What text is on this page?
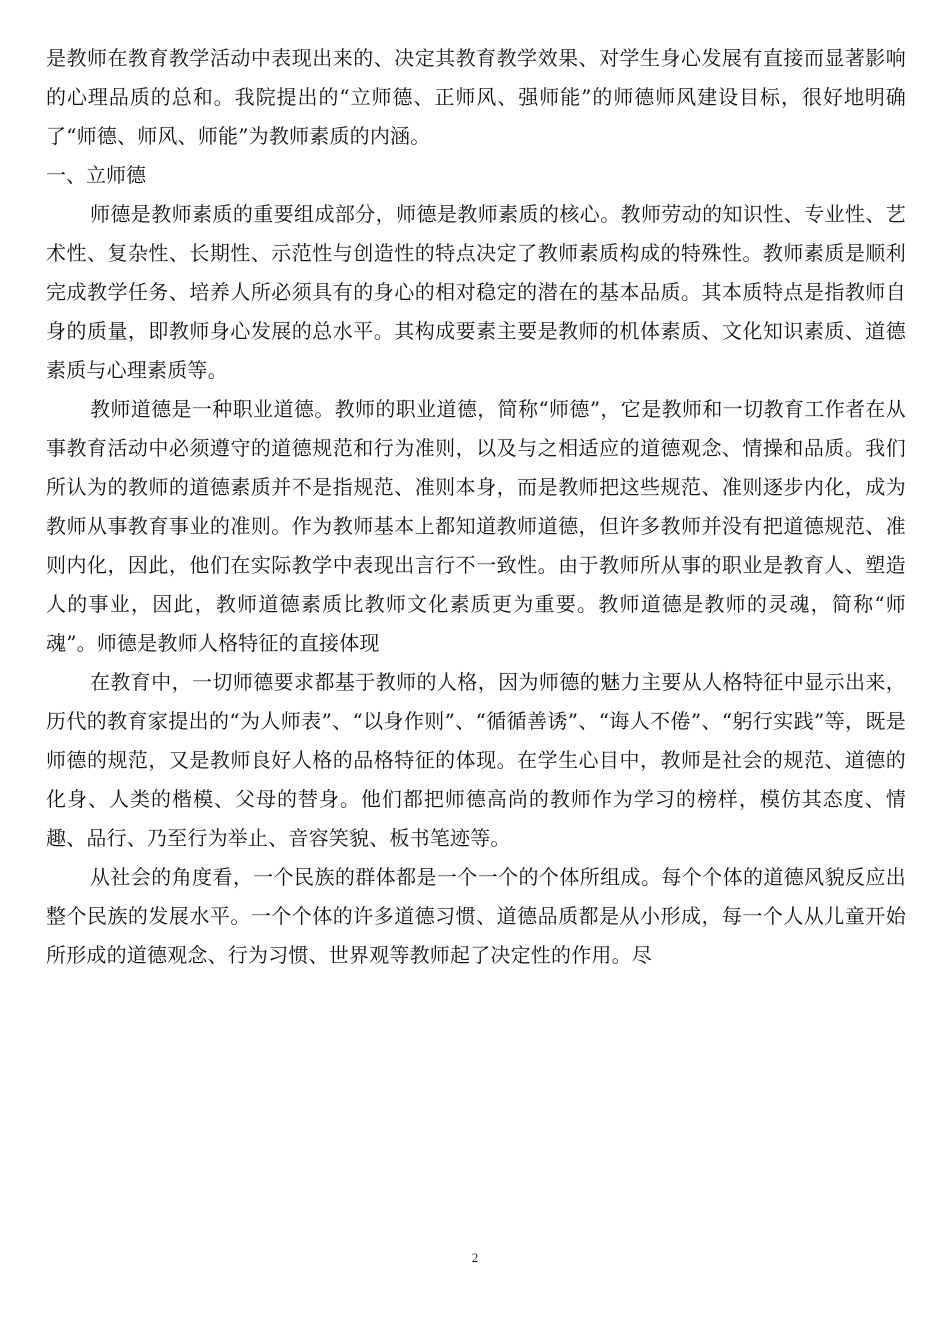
是教师在教育教学活动中表现出来的、决定其教育教学效果、对学生身心发展有直接而显著影响的心理品质的总和。我院提出的“立师德、正师风、强师能”的师德师风建设目标，很好地明确了“师德、师风、师能”为教师素质的内涵。

一、立师德

师德是教师素质的重要组成部分，师德是教师素质的核心。教师劳动的知识性、专业性、艺术性、复杂性、长期性、示范性与创造性的特点决定了教师素质构成的特殊性。教师素质是顺利完成教学任务、培养人所必须具有的身心的相对稳定的潜在的基本品质。其本质特点是指教师自身的质量，即教师身心发展的总水平。其构成要素主要是教师的机体素质、文化知识素质、道德素质与心理素质等。

教师道德是一种职业道德。教师的职业道德，简称“师德”，它是教师和一切教育工作者在从事教育活动中必须遵守的道德规范和行为准则，以及与之相适应的道德观念、情操和品质。我们所认为的教师的道德素质并不是指规范、准则本身，而是教师把这些规范、准则逐步内化，成为教师从事教育事业的准则。作为教师基本上都知道教师道德，但许多教师并没有把道德规范、准则内化，因此，他们在实际教学中表现出言行不一致性。由于教师所从事的职业是教育人、塑造人的事业，因此，教师道德素质比教师文化素质更为重要。教师道德是教师的灵魂，简称“师魂”。师德是教师人格特征的直接体现

在教育中，一切师德要求都基于教师的人格，因为师德的魅力主要从人格特征中显示出来，历代的教育家提出的“为人师表”、“以身作则”、“循循善诱”、“诲人不倦”、“躬行实践”等，既是师德的规范，又是教师良好人格的品格特征的体现。在学生心目中，教师是社会的规范、道德的化身、人类的楷模、父母的替身。他们都把师德高尚的教师作为学习的榜样，模仿其态度、情趣、品行、乃至行为举止、音容笑貌、板书笔迹等。

从社会的角度看，一个民族的群体都是一个一个的个体所组成。每个个体的道德风貌反应出整个民族的发展水平。一个个体的许多道德习惯、道德品质都是从小形成，每一个人从儿童开始所形成的道德观念、行为习惯、世界观等教师起了决定性的作用。尽

2
